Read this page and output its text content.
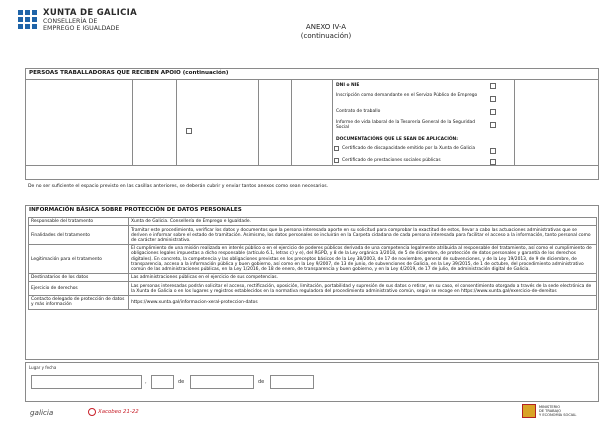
XUNTA DE GALICIA
CONSELLERÍA DE
EMPREGO E IGUALDADE	ANEXO IV-A
(continuación)
PERSOAS TRABALLADORAS QUE RECIBEN APOIO (continuación)
DNI o NIE
Inscripción como demandante en el Servizo Público de Emprego
Contrato de traballo
Informe de vida laboral de la Tesorería General de la Seguridad Social
DOCUMENTACIÓNS QUE LE SEAN DE APLICACIÓN:
Certificado de discapacidade emitido por la Xunta de Galicia
Certificado de prestaciones sociales públicas
De no ser suficiente el espacio previsto en las casillas anteriores, se deberán cubrir y enviar tantos anexos como sean necesarios.
INFORMACIÓN BÁSICA SOBRE PROTECCIÓN DE DATOS PERSONALES
Responsable del tratamento	Xunta de Galicia. Consellería de Emprego e Igualdade.
Finalidades del tratamento	Tramitar este procedimiento, verificar los datos y documentos que la persona interesada aporte en su solicitud para comprobar la exactitud de estos, llevar a cabo las actuaciones administrativas que se deriven e informar sobre el estado de tramitación. Asimismo, los datos personales se incluirán en la Carpeta cidadana de cada persona interesada para facilitar el acceso a la información, tanto personal como de carácter administrativo.
Legitimación para el tratamento	El cumplimiento de una misión realizada en interés público o en el ejercicio de poderes públicos derivada de una competencia legalmente atribuida al responsable del tratamiento, así como el cumplimiento de obligaciones legales impuestas a dicho responsable (artículo 6.1, letras c) y e), del RGPD, y 8 de la Ley orgánica 3/2018, de 5 de diciembre, de protección de datos personales y garantía de los derechos digitales). En concreto, la competencia y las obligaciones previstas en los preceptos básicos de la Ley 38/2003, de 17 de noviembre, general de subvenciones, y de la Ley 19/2013, de 9 de diciembre, de transparencia, acceso a la información pública y buen gobierno, así como en la Ley 9/2007, de 13 de junio, de subvenciones de Galicia, en la Ley 39/2015, de 1 de octubre, del procedimiento administrativo común de las administraciones públicas, en la Ley 1/2016, de 18 de enero, de transparencia y buen gobierno, y en la Ley 4/2019, de 17 de julio, de administración digital de Galicia.
Destinatarios de los datos	Las administraciones públicas en el ejercicio de sus competencias.
Ejercicio de derechos	Las personas interesadas podrán solicitar el acceso, rectificación, oposición, limitación, portabilidad y supresión de sus datos o retirar, en su caso, el consentimiento otorgado a través de la sede electrónica de la Xunta de Galicia o en los lugares y registros establecidos en la normativa reguladora del procedimiento administrativo común, según se recoge en https://www.xunta.gal/exercicio-de-dereitos
Contacto delegado de protección de datos y más información	https://www.xunta.gal/informacion-xeral-proteccion-datos
Lugar y fecha
,	de	de
galicia	Xacobeo 21-22
MINISTERIO
DE TRABAJO
Y ECONOMÍA SOCIAL
